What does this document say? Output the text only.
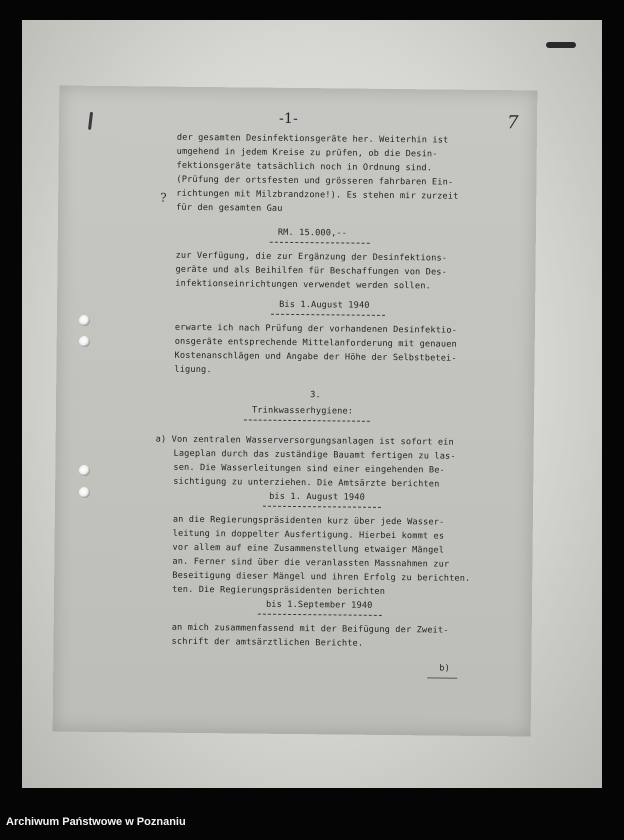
-1-	7
?
der gesamten Desinfektionsgeräte her. Weiterhin ist
umgehend in jedem Kreise zu prüfen, ob die Desin-
fektionsgeräte tatsächlich noch in Ordnung sind.
(Prüfung der ortsfesten und grösseren fahrbaren Ein-
richtungen mit Milzbrandzone!). Es stehen mir zurzeit
für den gesamten Gau
RM. 15.000,--
zur Verfügung, die zur Ergänzung der Desinfektions-
geräte und als Beihilfen für Beschaffungen von Des-
infektionseinrichtungen verwendet werden sollen.
Bis 1.August 1940
erwarte ich nach Prüfung der vorhandenen Desinfektio-
onsgeräte entsprechende Mittelanforderung mit genauen
Kostenanschlägen und Angabe der Höhe der Selbstbetei-
ligung.
3.
Trinkwasserhygiene:
a) Von zentralen Wasserversorgungsanlagen ist sofort ein
Lageplan durch das zuständige Bauamt fertigen zu las-
sen. Die Wasserleitungen sind einer eingehenden Be-
sichtigung zu unterziehen. Die Amtsärzte berichten
bis 1. August 1940
an die Regierungspräsidenten kurz über jede Wasser-
leitung in doppelter Ausfertigung. Hierbei kommt es
vor allem auf eine Zusammenstellung etwaiger Mängel
an. Ferner sind über die veranlassten Massnahmen zur
Beseitigung dieser Mängel und ihren Erfolg zu berichten.
ten. Die Regierungspräsidenten berichten
bis 1.September 1940
an mich zusammenfassend mit der Beifügung der Zweit-
schrift der amtsärztlichen Berichte.
b)
Archiwum Państwowe w Poznaniu
